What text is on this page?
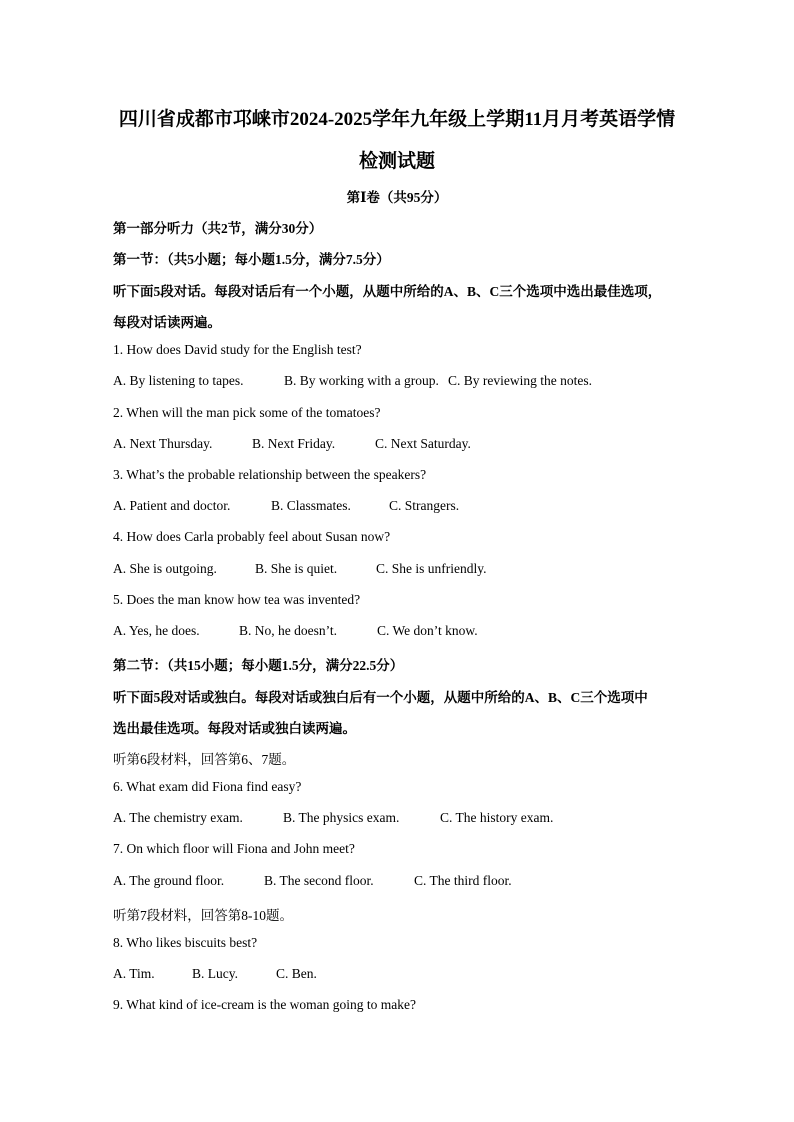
四川省成都市邛崃市2024-2025学年九年级上学期11月月考英语学情
检测试题
第Ⅰ卷（共95分）
第一部分听力（共2节，满分30分）
第一节：（共5小题；每小题1.5分，满分7.5分）
听下面5段对话。每段对话后有一个小题，从题中所给的A、B、C三个选项中选出最佳选项，
每段对话读两遍。
1. How does David study for the English test?
A. By listening to tapes.	B. By working with a group. C. By reviewing the notes.
2. When will the man pick some of the tomatoes?
A. Next Thursday.	B. Next Friday.	C. Next Saturday.
3. What’s the probable relationship between the speakers?
A. Patient and doctor.	B. Classmates.	C. Strangers.
4. How does Carla probably feel about Susan now?
A. She is outgoing.	B. She is quiet.	C. She is unfriendly.
5. Does the man know how tea was invented?
A. Yes, he does.	B. No, he doesn’t.	C. We don’t know.
第二节：（共15小题；每小题1.5分，满分22.5分）
听下面5段对话或独白。每段对话或独白后有一个小题，从题中所给的A、B、C三个选项中
选出最佳选项。每段对话或独白读两遍。
听第6段材料，回答第6、7题。
6. What exam did Fiona find easy?
A. The chemistry exam.	B. The physics exam.	C. The history exam.
7. On which floor will Fiona and John meet?
A. The ground floor.	B. The second floor.	C. The third floor.
听第7段材料，回答第8-10题。
8. Who likes biscuits best?
A. Tim.	B. Lucy.	C. Ben.
9. What kind of ice-cream is the woman going to make?
